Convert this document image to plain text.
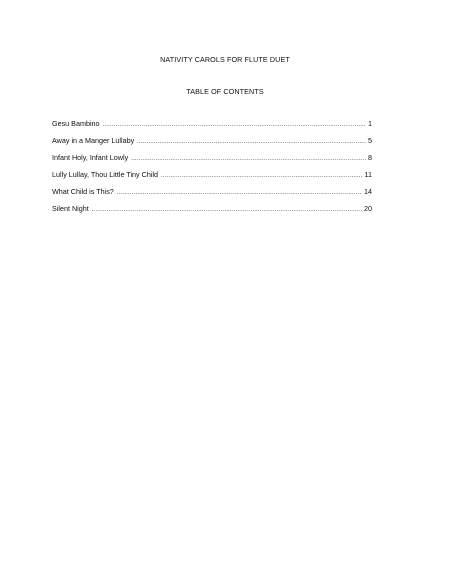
NATIVITY CAROLS FOR FLUTE DUET
TABLE OF CONTENTS
Gesu Bambino .....	1
Away in a Manger Lullaby .....	5
Infant Holy, Infant Lowly .....	8
Lully Lullay, Thou Little Tiny Child .....	11
What Child is This? .....	14
Silent Night .....	20
